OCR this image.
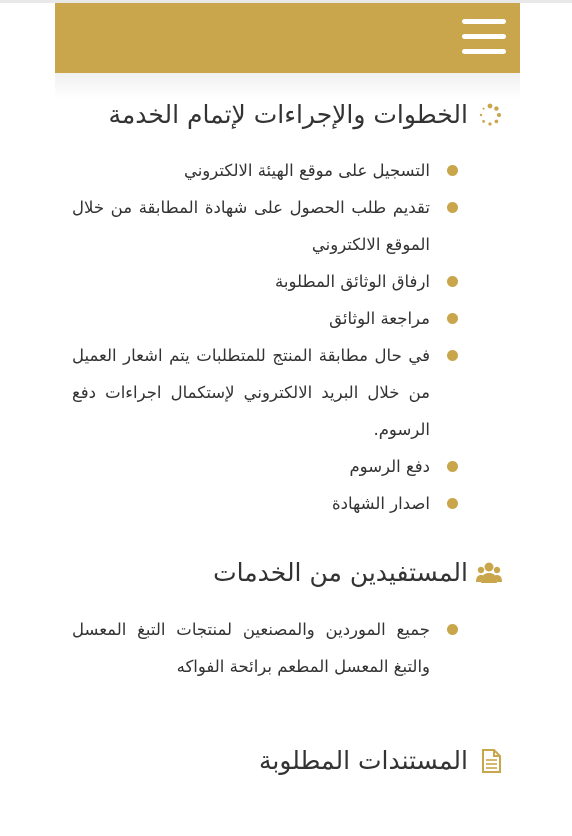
الخطوات والإجراءات لإتمام الخدمة
التسجيل على موقع الهيئة الالكتروني
تقديم طلب الحصول على شهادة المطابقة من خلال الموقع الالكتروني
ارفاق الوثائق المطلوبة
مراجعة الوثائق
في حال مطابقة المنتج للمتطلبات يتم اشعار العميل من خلال البريد الالكتروني لإستكمال اجراءات دفع الرسوم.
دفع الرسوم
اصدار الشهادة
المستفيدين من الخدمات
جميع الموردين والمصنعين لمنتجات التبغ المعسل والتبغ المعسل المطعم برائحة الفواكه
المستندات المطلوبة
